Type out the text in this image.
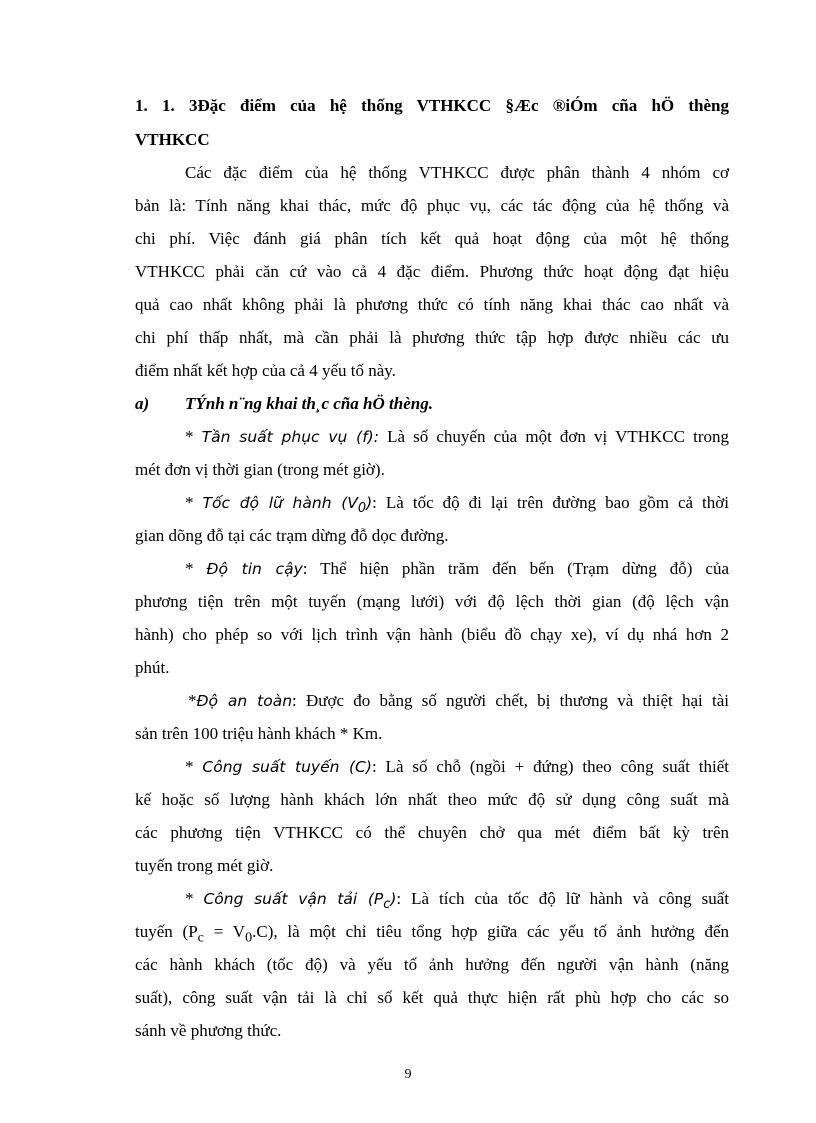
1. 1. 3Đặc điểm của hệ thống VTHKCC §Æc ®iÓm cña hÖ thèng
VTHKCC
Các đặc điểm của hệ thống VTHKCC được phân thành 4 nhóm cơ
bản là: Tính năng khai thác, mức độ phục vụ, các tác động của hệ thống và
chi phí. Việc đánh giá phân tích kết quả hoạt động của một hệ thống
VTHKCC phải căn cứ vào cả 4 đặc điểm. Phương thức hoạt động đạt hiệu
quả cao nhất không phải là phương thức có tính năng khai thác cao nhất và
chi phí thấp nhất, mà cần phải là phương thức tập hợp được nhiều các ưu
điểm nhất kết hợp của cả 4 yếu tố này.
a) TÝnh n¨ng khai th¸c cña hÖ thèng.
* Tần suất phục vụ (f): Là số chuyến của một đơn vị VTHKCC trong
mét đơn vị thời gian (trong mét giờ).
* Tốc độ lữ hành $(V_0)$: Là tốc độ đi lại trên đường bao gồm cả thời
gian dõng đỗ tại các trạm dừng đỗ dọc đường.
* Độ tin cậy: Thể hiện phần trăm đến bến (Trạm dừng đỗ) của
phương tiện trên một tuyến (mạng lưới) với độ lệch thời gian (độ lệch vận
hành) cho phép so với lịch trình vận hành (biểu đồ chạy xe), ví dụ nhá hơn 2
phút.
*Độ an toàn: Được đo bằng số người chết, bị thương và thiệt hại tài
sản trên 100 triệu hành khách * Km.
* Công suất tuyến (C): Là số chỗ (ngồi + đứng) theo công suất thiết
kế hoặc số lượng hành khách lớn nhất theo mức độ sử dụng công suất mà
các phương tiện VTHKCC có thể chuyên chở qua mét điểm bất kỳ trên
tuyến trong mét giờ.
* Công suất vận tải $(P_c)$: Là tích của tốc độ lữ hành và công suất
tuyến $(P_c = V_0.C)$, là một chỉ tiêu tổng hợp giữa các yếu tố ảnh hưởng đến
các hành khách (tốc độ) và yếu tố ảnh hưởng đến người vận hành (năng
suất), công suất vận tải là chỉ số kết quả thực hiện rất phù hợp cho các so
sánh về phương thức.
9
